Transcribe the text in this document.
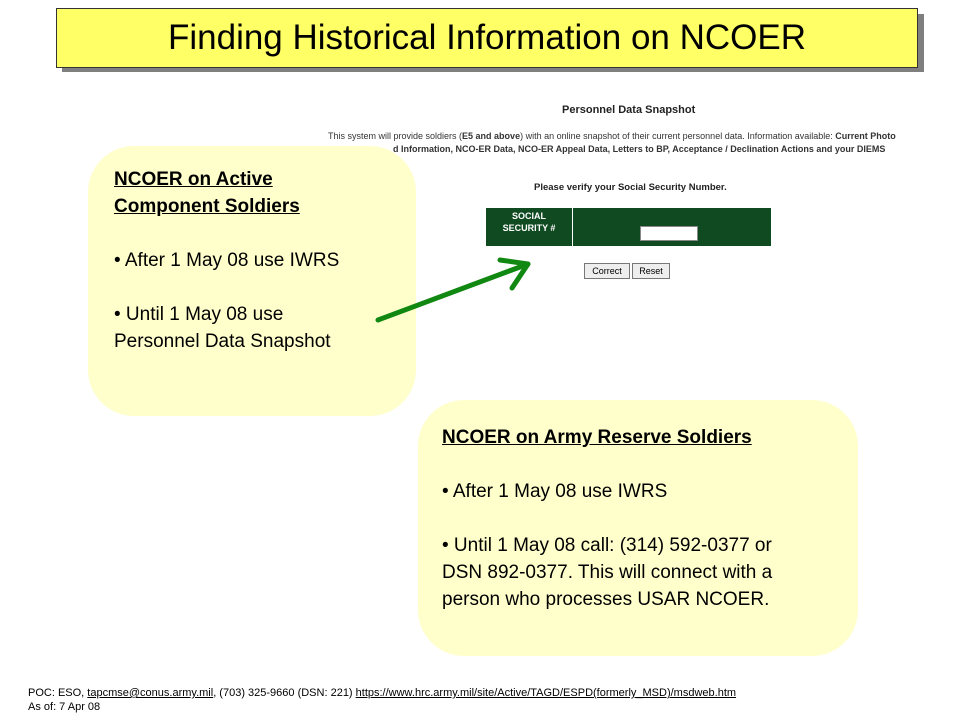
Finding Historical Information on NCOER
Personnel Data Snapshot
This system will provide soldiers (E5 and above) with an online snapshot of their current personnel data. Information available: Current Photo
d Information, NCO-ER Data, NCO-ER Appeal Data, Letters to BP, Acceptance / Declination Actions and your DIEMS
Please verify your Social Security Number.
SOCIAL
SECURITY #
Correct	Reset
NCOER on Active
Component Soldiers

• After 1 May 08 use IWRS

• Until 1 May 08 use

Personnel Data Snapshot

NCOER on Army Reserve Soldiers

• After 1 May 08 use IWRS

• Until 1 May 08 call: (314) 592-0377 or

DSN 892-0377. This will connect with a

person who processes USAR NCOER.

POC: ESO, tapcmse@conus.army.mil, (703) 325-9660 (DSN: 221) https://www.hrc.army.mil/site/Active/TAGD/ESPD(formerly_MSD)/msdweb.htm
As of: 7 Apr 08
